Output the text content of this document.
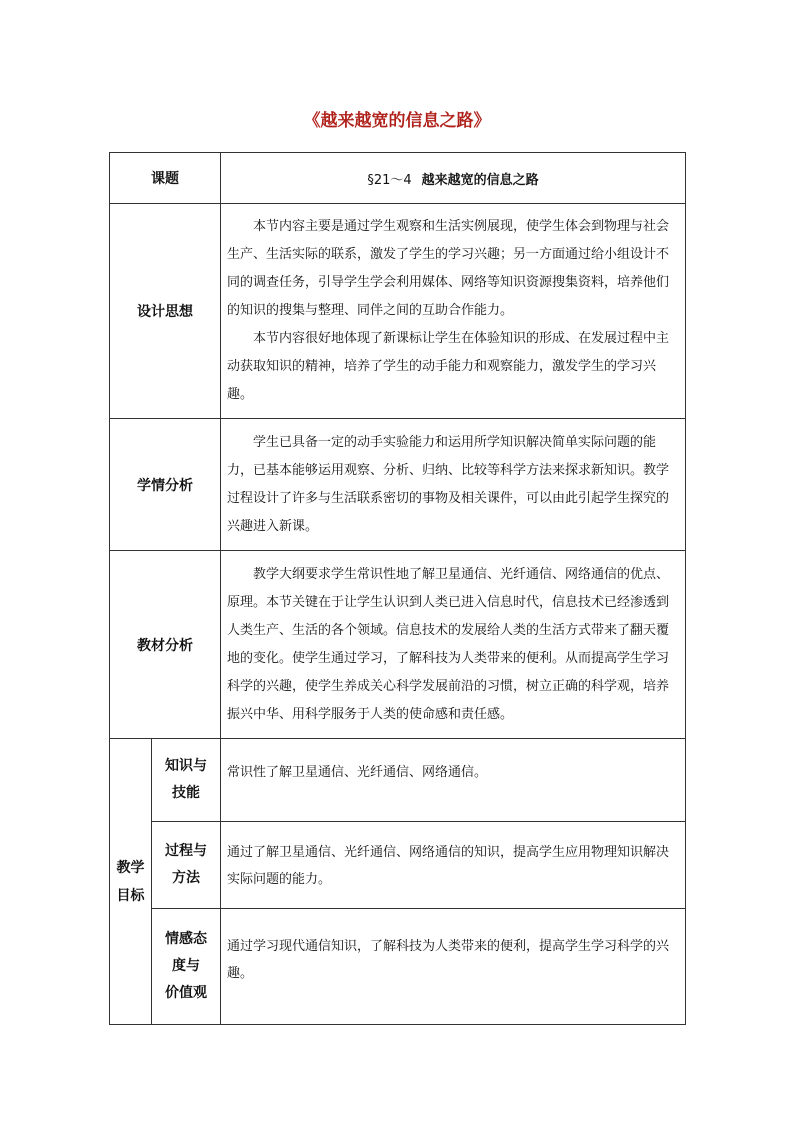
《越来越宽的信息之路》
课题		§21～4 越来越宽的信息之路
设计思想		本节内容主要是通过学生观察和生活实例展现，使学生体会到物理与社会生产、生活实际的联系，激发了学生的学习兴趣；另一方面通过给小组设计不同的调查任务，引导学生学会利用媒体、网络等知识资源搜集资料，培养他们的知识的搜集与整理、同伴之间的互助合作能力。

本节内容很好地体现了新课标让学生在体验知识的形成、在发展过程中主动获取知识的精神，培养了学生的动手能力和观察能力，激发学生的学习兴趣。

学情分析		学生已具备一定的动手实验能力和运用所学知识解决简单实际问题的能力，已基本能够运用观察、分析、归纳、比较等科学方法来探求新知识。教学过程设计了许多与生活联系密切的事物及相关课件，可以由此引起学生探究的兴趣进入新课。

教材分析		教学大纲要求学生常识性地了解卫星通信、光纤通信、网络通信的优点、原理。本节关键在于让学生认识到人类已进入信息时代，信息技术已经渗透到人类生产、生活的各个领域。信息技术的发展给人类的生活方式带来了翻天覆地的变化。使学生通过学习，了解科技为人类带来的便利。从而提高学生学习科学的兴趣，使学生养成关心科学发展前沿的习惯，树立正确的科学观，培养振兴中华、用科学服务于人类的使命感和责任感。

教学
目标	知识与
技能	常识性了解卫星通信、光纤通信、网络通信。
	过程与
方法	通过了解卫星通信、光纤通信、网络通信的知识，提高学生应用物理知识解决实际问题的能力。
	情感态
度与
价值观	通过学习现代通信知识，了解科技为人类带来的便利，提高学生学习科学的兴趣。
